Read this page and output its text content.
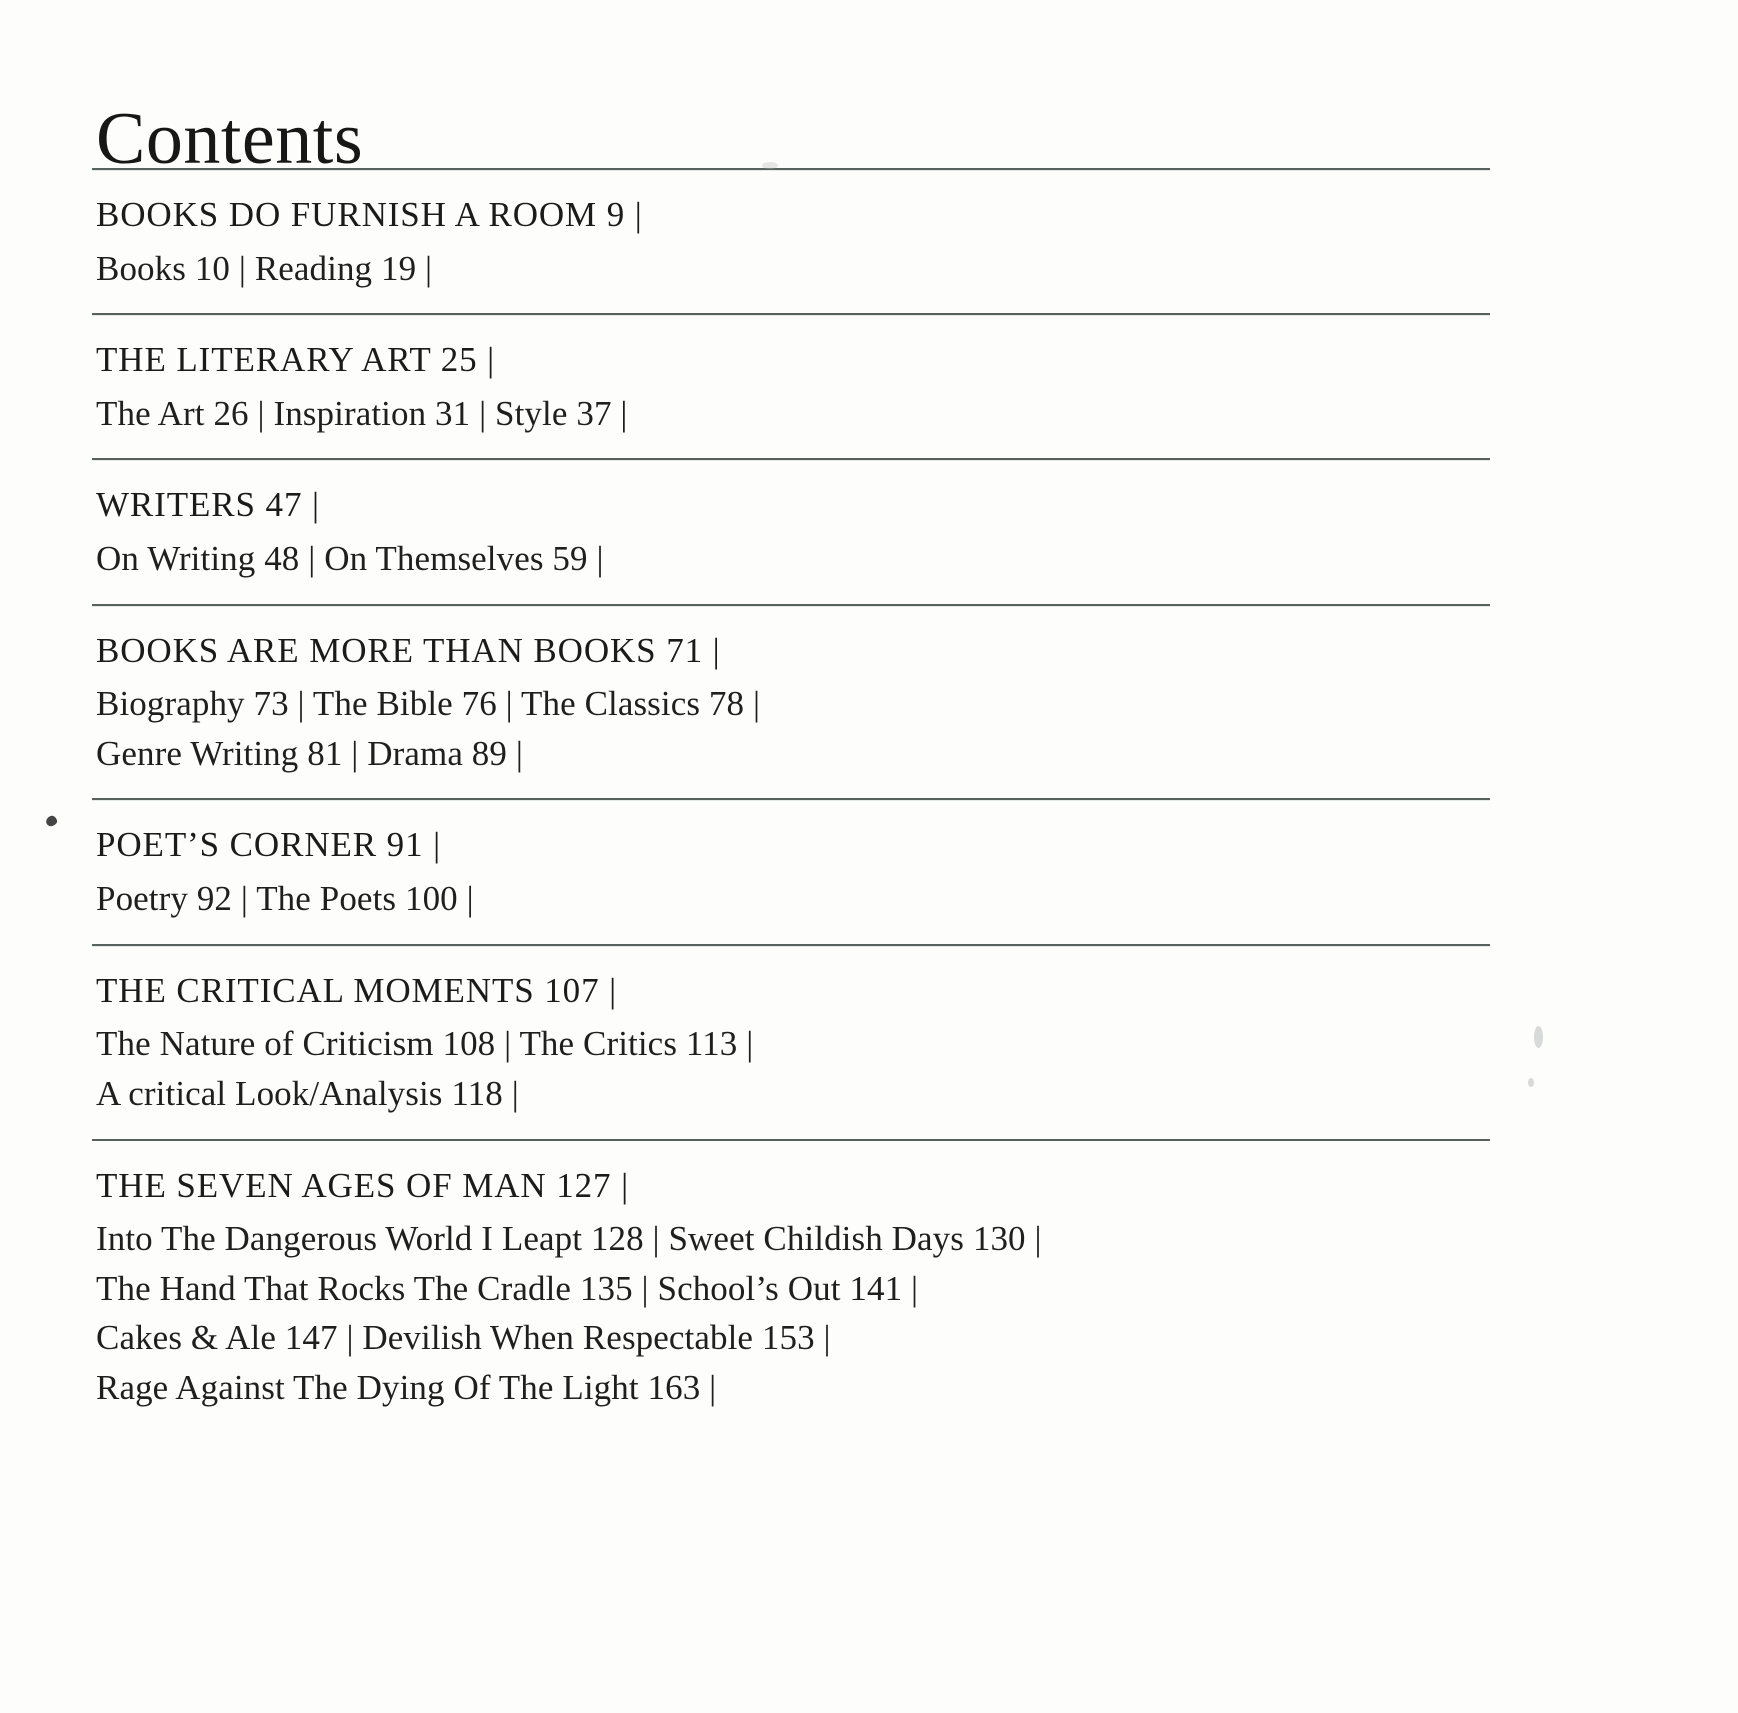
Contents
BOOKS DO FURNISH A ROOM 9 |
Books 10 | Reading 19 |
THE LITERARY ART 25 |
The Art 26 | Inspiration 31 | Style 37 |
WRITERS 47 |
On Writing 48 | On Themselves 59 |
BOOKS ARE MORE THAN BOOKS 71 |
Biography 73 | The Bible 76 | The Classics 78 |
Genre Writing 81 | Drama 89 |
POET’S CORNER 91 |
Poetry 92 | The Poets 100 |
THE CRITICAL MOMENTS 107 |
The Nature of Criticism 108 | The Critics 113 |
A critical Look/Analysis 118 |
THE SEVEN AGES OF MAN 127 |
Into The Dangerous World I Leapt 128 | Sweet Childish Days 130 |
The Hand That Rocks The Cradle 135 | School’s Out 141 |
Cakes & Ale 147 | Devilish When Respectable 153 |
Rage Against The Dying Of The Light 163 |
